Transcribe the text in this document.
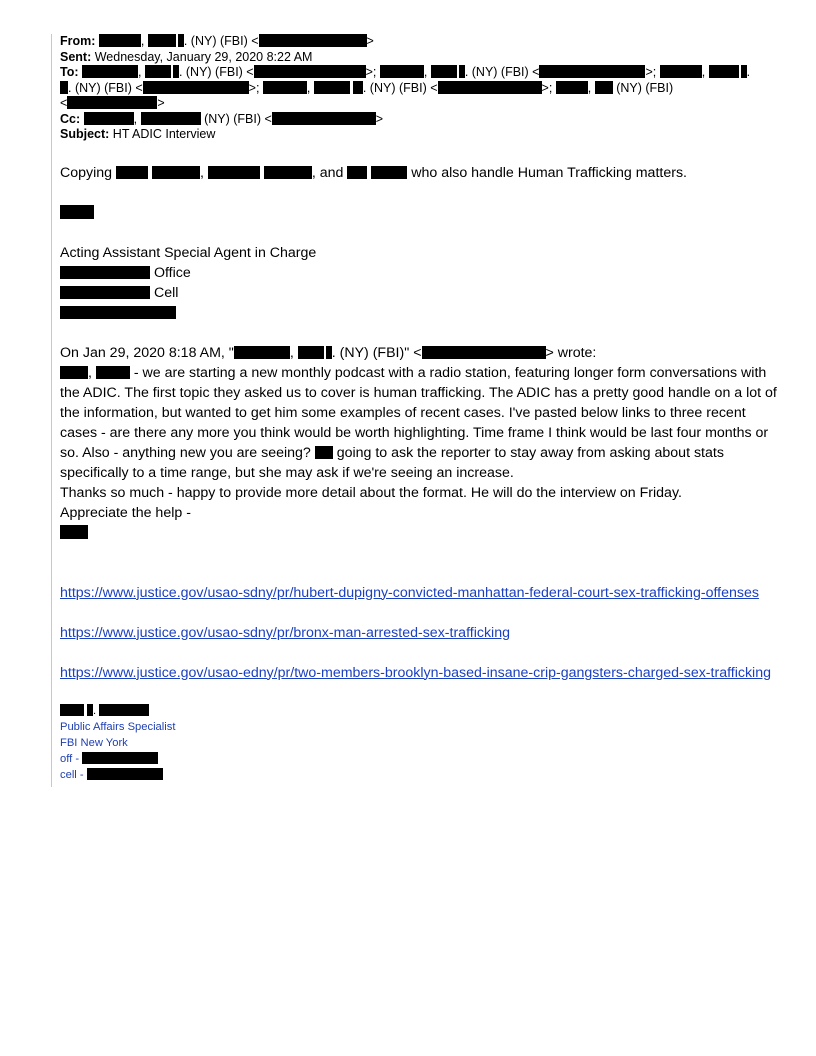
From:	,	. (NY) (FBI) <	>
Sent: Wednesday, January 29, 2020 8:22 AM
To:	,	. (NY) (FBI) <	>;	,	. (NY) (FBI) <	>;	,	.
. (NY) (FBI) <	>;	,	. (NY) (FBI) <	>;	,  (NY) (FBI)
<	>
Cc:	,	(NY) (FBI) <	>
Subject: HT ADIC Interview
Copying	,	, and	who also handle Human Trafficking matters.
Acting Assistant Special Agent in Charge
Office
Cell
On Jan 29, 2020 8:18 AM, "	, . (NY) (FBI)" <	> wrote:
,  - we are starting a new monthly podcast with a radio station, featuring longer form conversations with the ADIC. The first topic they asked us to cover is human trafficking. The ADIC has a pretty good handle on a lot of the information, but wanted to get him some examples of recent cases. I've pasted below links to three recent cases - are there any more you think would be worth highlighting. Time frame I think would be last four months or so. Also - anything new you are seeing?  going to ask the reporter to stay away from asking about stats specifically to a time range, but she may ask if we're seeing an increase.
Thanks so much - happy to provide more detail about the format. He will do the interview on Friday.
Appreciate the help -
https://www.justice.gov/usao-sdny/pr/hubert-dupigny-convicted-manhattan-federal-court-sex-trafficking-offenses
https://www.justice.gov/usao-sdny/pr/bronx-man-arrested-sex-trafficking
https://www.justice.gov/usao-edny/pr/two-members-brooklyn-based-insane-crip-gangsters-charged-sex-trafficking
.
Public Affairs Specialist
FBI New York
off -
cell -
